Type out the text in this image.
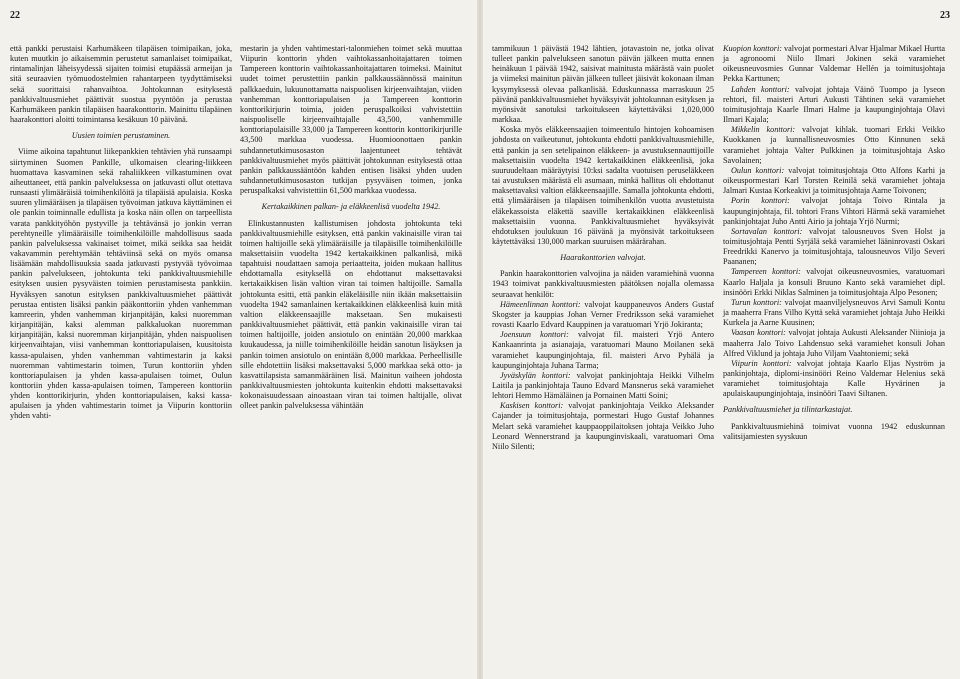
22	23

että pankki perustaisi Karhumäkeen tilapäisen toimipaikan, joka, kuten muutkin jo aikaisemmin perustetut samanlaiset toimipaikat, rintamalinjan läheisyydessä sijaiten toimisi etupäässä armeijan ja sitä seuraavien työmuodostelmien rahantarpeen tyydyttämiseksi sekä suorittaisi rahanvaihtoa. Johtokunnan esityksestä pankkivaltuusmiehet päättivät suostua pyyntöön ja perustaa Karhumäkeen pankin tilapäisen haarakonttorin. Mainittu tilapäinen haarakonttori aloitti toimintansa kesäkuun 10 päivänä.

Uusien toimien perustaminen.

Viime aikoina tapahtunut liikepankkien tehtävien yhä runsaampi siirtyminen Suomen Pankille, ulkomaisen clearing-liikkeen huomattava kasvaminen sekä rahaliikkeen vilkastuminen ovat aiheuttaneet, että pankin palveluksessa on jatkuvasti ollut otettava runsaasti ylimääräisiä toimihenkilöitä ja tilapäisiä apulaisia. Koska suuren ylimääräisen ja tilapäisen työvoiman jatkuva käyttäminen ei ole pankin toiminnalle edullista ja koska näin ollen on tarpeellista varata pankkityöhön pystyville ja tehtävänsä jo jonkin verran perehtyneille ylimääräisille toimihenkilöille mahdollisuus saada pankin palveluksessa vakinaiset toimet, mikä seikka saa heidät vakavammin perehtymään tehtäviinsä sekä on myös omansa lisäämään mahdollisuuksia saada jatkuvasti pystyvää työvoimaa pankin palvelukseen, johtokunta teki pankkivaltuusmiehille esityksen uusien pysyväisten toimien perustamisesta pankkiin. Hyväksyen sanotun esityksen pankkivaltuusmiehet päättivät perustaa entisten lisäksi pankin pääkonttoriin yhden vanhemman kamreerin, yhden vanhemman kirjanpitäjän, kaksi nuoremman kirjanpitäjän, kaksi alemman palkkaluokan nuoremman kirjanpitäjän, kaksi nuoremman kirjanpitäjän, yhden naispuolisen kirjeenvaihtajan, viisi vanhemman konttoriapulaisen, kuusitoista kassa-apulaisen, yhden vanhemman vahtimestarin ja kaksi nuoremman vahtimestarin toimen, Turun konttoriin yhden konttoriapulaisen ja yhden kassa-apulaisen toimet, Oulun konttoriin yhden kassa-apulaisen toimen, Tampereen konttoriin yhden konttorikirjurin, yhden konttoriapulaisen, kaksi kassa-apulaisen ja yhden vahtimestarin toimet ja Viipurin konttoriin yhden vahti-

mestarin ja yhden vahtimestari-talonmiehen toimet sekä muuttaa Viipurin konttorin yhden vaihtokassanhoitajattaren toimen Tampereen konttorin vaihtokassanhoitajattaren toimeksi. Mainitut uudet toimet perustettiin pankin palkkaussäännössä mainitun palkkaeduin, lukuunottamatta naispuolisen kirjeenvaihtajan, viiden vanhemman konttoriapulaisen ja Tampereen konttorin konttorikirjurin toimia, joiden peruspalkoiksi vahvistettiin naispuoliselle kirjeenvaihtajalle 43,500, vanhemmille konttoriapulaisille 33,000 ja Tampereen konttorin konttorikirjurille 43,500 markkaa vuodessa. Huomioonottaen pankin suhdannetutkimusosaston laajentuneet tehtävät pankkivaltuusmiehet myös päättivät johtokunnan esityksestä ottaa pankin palkkaussääntöön kahden entisen lisäksi yhden uuden suhdannetutkimusosaston tutkijan pysyväisen toimen, jonka peruspalkaksi vahvistettiin 61,500 markkaa vuodessa.

Kertakaikkinen palkan- ja eläkkeenlisä vuodelta 1942.

Elinkustannusten kallistumisen johdosta johtokunta teki pankkivaltuusmiehille esityksen, että pankin vakinaisille viran tai toimen haltijoille sekä ylimääräisille ja tilapäisille toimihenkilöille maksettaisiin vuodelta 1942 kertakaikkinen palkanlisä, mikä tapahtuisi noudattaen samoja periaatteita, joiden mukaan hallitus ehdottamalla esityksellä on ehdottanut maksettavaksi kertakaikkisen lisän valtion viran tai toimen haltijoille. Samalla johtokunta esitti, että pankin eläkeläisille niin ikään maksettaisiin vuodelta 1942 samanlainen kertakaikkinen eläkkeenlisä kuin mitä valtion eläkkeensaajille maksetaan. Sen mukaisesti pankkivaltuusmiehet päättivät, että pankin vakinaisille viran tai toimen haltijoille, joiden ansiotulo on enintään 20,000 markkaa kuukaudessa, ja niille toimihenkilöille heidän sanotun lisäyksen ja pankin toimen ansiotulo on enintään 8,000 markkaa. Perheellisille sille ehdotettiin lisäksi maksettavaksi 5,000 markkaa sekä otto- ja kasvattilapsista samanmääräinen lisä. Mainitun vaiheen johdosta pankkivaltuusmiesten johtokunta kuitenkin ehdotti maksettavaksi kokonaisuudessaan ainoastaan viran tai toimen haltijalle, olivat olleet pankin palveluksessa vähintään

tammikuun 1 päivästä 1942 lähtien, jotavastoin ne, jotka olivat tulleet pankin palvelukseen sanotun päivän jälkeen mutta ennen heinäkuun 1 päivää 1942, saisivat mainitusta määrästä vain puolet ja viimeksi mainitun päivän jälkeen tulleet jäisivät kokonaan ilman kysymyksessä olevaa palkanlisää. Eduskunnassa marraskuun 25 päivänä pankkivaltuusmiehet hyväksyivät johtokunnan esityksen ja myönsivät sanotuksi tarkoitukseen käytettäväksi 1,020,000 markkaa.

Koska myös eläkkeensaajien toimeentulo hintojen kohoamisen johdosta on vaikeutunut, johtokunta ehdotti pankkivaltuusmiehille, että pankin ja sen setelipainon eläkkeen- ja avustuksennauttijoille maksettaisiin vuodelta 1942 kertakaikkinen eläkkeenlisä, joka suuruudeltaan määräytyisi 10:ksi sadalta vuotuisen peruseläkkeen tai avustuksen määrästä eli asumaan, minkä hallitus oli ehdottanut maksettavaksi valtion eläkkeensaajille. Samalla johtokunta ehdotti, että ylimääräisen ja tilapäisen toimihenkilön vuotta avustetuista eläkekassoista eläkettä saaville kertakaikkinen eläkkeenlisä maksettaisiin vuonna. Pankkivaltuusmiehet hyväksyivät ehdotuksen joulukuun 16 päivänä ja myönsivät tarkoitukseen käytettäväksi 130,000 markan suuruisen määrärahan.

Haarakonttorien valvojat.

Pankin haarakonttorien valvojina ja näiden varamiehinä vuonna 1943 toimivat pankkivaltuusmiesten päätöksen nojalla olemassa seuraavat henkilöt:

Hämeenlinnan konttori: valvojat kauppaneuvos Anders Gustaf Skogster ja kauppias Johan Verner Fredriksson sekä varamiehet rovasti Kaarlo Edvard Kauppinen ja varatuomari Yrjö Jokiranta;

Joensuun konttori: valvojat fil. maisteri Yrjö Antero Kankaanrinta ja asianajaja, varatuomari Mauno Moilanen sekä varamiehet kaupunginjohtaja, fil. maisteri Arvo Pyhälä ja kaupunginjohtaja Juhana Tarma;

Jyväskylän konttori: valvojat pankinjohtaja Heikki Vilhelm Laitila ja pankinjohtaja Tauno Edvard Mansnerus sekä varamiehet lehtori Hemmo Hämäläinen ja Pornainen Matti Soini;

Kaskisen konttori: valvojat pankinjohtaja Veikko Aleksander Cajander ja toimitusjohtaja, pormestari Hugo Gustaf Johannes Melart sekä varamiehet kauppaoppilaitoksen johtaja Veikko Juho Leonard Wennerstrand ja kaupunginviskaali, varatuomari Oma Niilo Silenti;

Kuopion konttori: valvojat pormestari Alvar Hjalmar Mikael Hurtta ja agronoomi Niilo Ilmari Jokinen sekä varamiehet oikeusneuvosmies Gunnar Valdemar Hellén ja toimitusjohtaja Pekka Karttunen;

Lahden konttori: valvojat johtaja Väinö Tuompo ja lyseon rehtori, fil. maisteri Arturi Aukusti Tähtinen sekä varamiehet toimitusjohtaja Kaarle Ilmari Halme ja kaupunginjohtaja Olavi Ilmari Kajala;

Mikkelin konttori: valvojat kihlak. tuomari Erkki Veikko Kuokkanen ja kunnallisneuvosmies Otto Kinnunen sekä varamiehet johtaja Valter Pulkkinen ja toimitusjohtaja Asko Savolainen;

Oulun konttori: valvojat toimitusjohtaja Otto Alfons Karhi ja oikeuspormestari Karl Torsten Reinilä sekä varamiehet johtaja Jalmari Kustaa Korkeakivi ja toimitusjohtaja Aarne Toivonen;

Porin konttori: valvojat johtaja Toivo Rintala ja kaupunginjohtaja, fil. tohtori Frans Vihtori Härmä sekä varamiehet pankinjohtajat Juho Antti Airio ja johtaja Yrjö Nurmi;

Sortavalan konttori: valvojat talousneuvos Sven Holst ja toimitusjohtaja Pentti Syrjälä sekä varamiehet lääninrovasti Oskari Freedrikki Kanervo ja toimitusjohtaja, talousneuvos Viljo Severi Paananen;

Tampereen konttori: valvojat oikeusneuvosmies, varatuomari Kaarlo Haljala ja konsuli Bruuno Kanto sekä varamiehet dipl. insinööri Erkki Niklas Salminen ja toimitusjohtaja Alpo Pesonen;

Turun konttori: valvojat maanviljelysneuvos Arvi Samuli Kontu ja maaherra Frans Vilho Kyttä sekä varamiehet johtaja Juho Heikki Kurkela ja Aarne Kuusinen;

Vaasan konttori: valvojat johtaja Aukusti Aleksander Niinioja ja maaherra Jalo Toivo Lahdensuo sekä varamiehet konsuli Johan Alfred Viklund ja johtaja Juho Viljam Vaahtoniemi; sekä

Viipurin konttori: valvojat johtaja Kaarlo Eljas Nyström ja pankinjohtaja, diplomi-insinööri Reino Valdemar Helenius sekä varamiehet toimitusjohtaja Kalle Hyvärinen ja apulaiskaupunginjohtaja, insinööri Taavi Siltanen.

Pankkivaltuusmiehet ja tilintarkastajat.

Pankkivaltuusmiehinä toimivat vuonna 1942 eduskunnan valitsijamiesten syyskuun
